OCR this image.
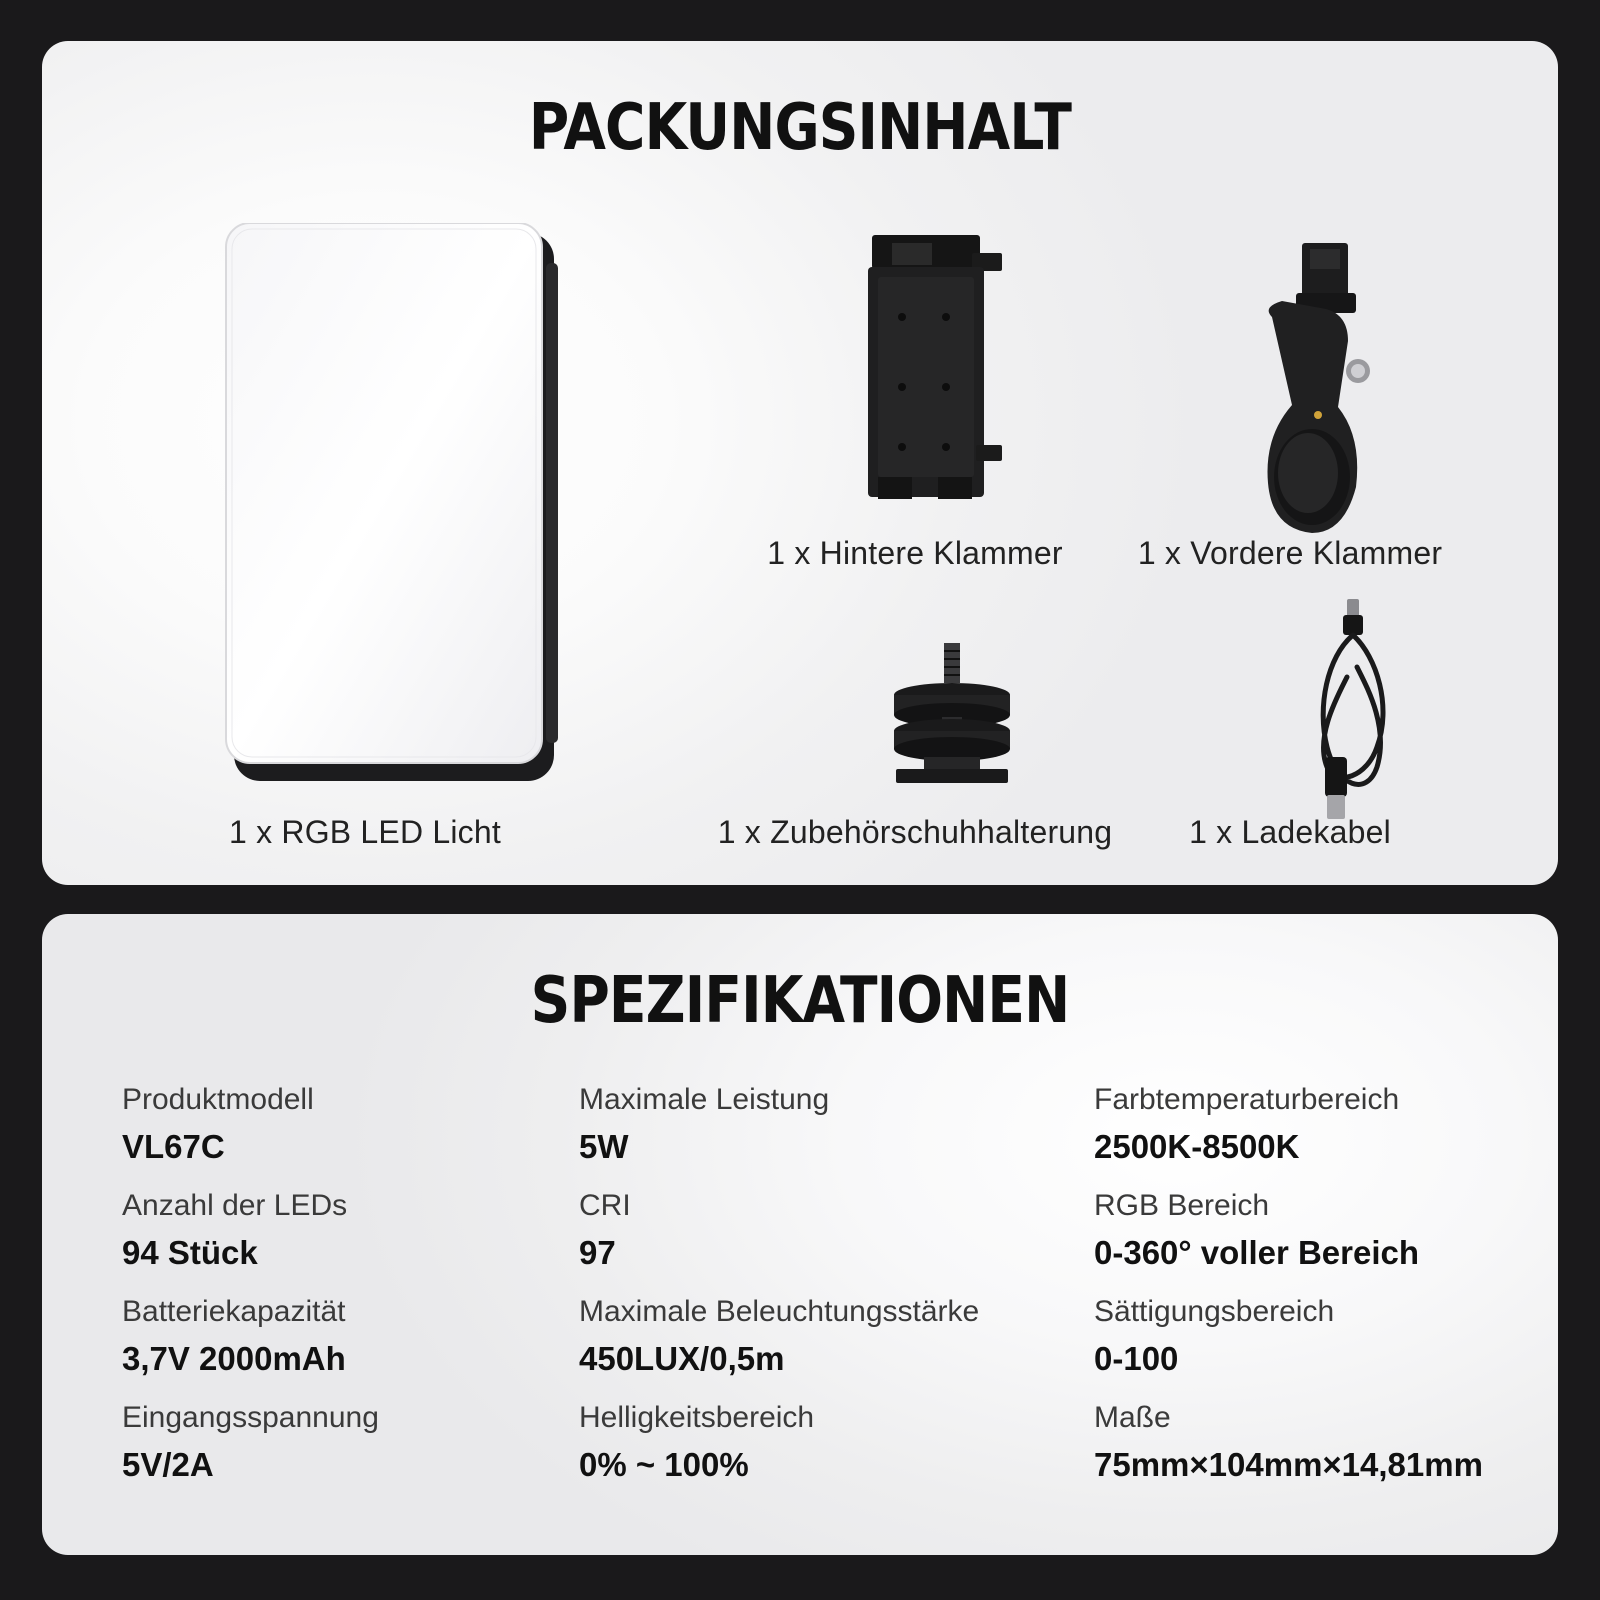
PACKUNGSINHALT
1 x RGB LED Licht
1 x Hintere Klammer 1 x Vordere Klammer
1 x Zubehörschuhhalterung 1 x Ladekabel
SPEZIFIKATIONEN
Produktmodell
VL67C
Anzahl der LEDs
94 Stück
Batteriekapazität
3,7V 2000mAh
Eingangsspannung
5V/2A
Maximale Leistung
5W
CRI
97
Maximale Beleuchtungsstärke
450LUX/0,5m
Helligkeitsbereich
0% ~ 100%
Farbtemperaturbereich
2500K-8500K
RGB Bereich
0-360° voller Bereich
Sättigungsbereich
0-100
Maße
75mm×104mm×14,81mm
